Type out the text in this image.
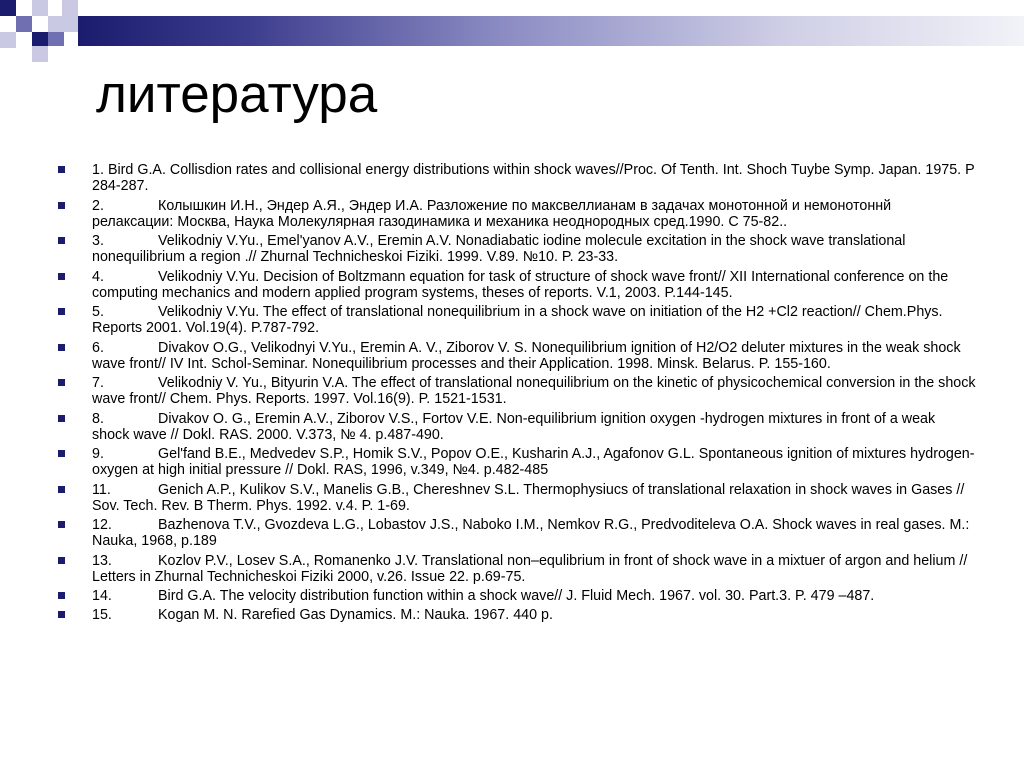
литература
1. Bird G.A. Collisdion rates and collisional energy distributions within shock waves//Proc. Of Tenth. Int. Shoch Tuybe Symp. Japan. 1975. P 284-287.
2.	Колышкин И.Н., Эндер А.Я., Эндер И.А. Разложение по максвеллианам в задачах монотонной и немонотоннй релаксации: Москва, Наука Молекулярная газодинамика и механика неоднородных сред.1990. С 75-82..
3.	Velikodniy V.Yu., Emel'yanov A.V., Eremin A.V. Nonadiabatic iodine molecule excitation in the shock wave translational nonequilibrium a region .// Zhurnal Technicheskoi Fiziki. 1999. V.89. №10. P. 23-33.
4.	Velikodniy V.Yu. Decision of Boltzmann equation for task of structure of shock wave front// XII International conference on the computing mechanics and modern applied program systems, theses of reports. V.1, 2003. P.144-145.
5.	Velikodniy V.Yu. The effect of translational nonequilibrium in a shock wave on initiation of the H2 +Cl2 reaction// Chem.Phys. Reports 2001. Vol.19(4). P.787-792.
6.	Divakov O.G., Velikodnyi V.Yu., Eremin A. V., Ziborov V. S. Nonequilibrium ignition of H2/O2 deluter mixtures in the weak shock wave front// IV Int. Schol-Seminar. Nonequilibrium processes and their Application. 1998. Minsk. Belarus. P. 155-160.
7.	Velikodniy V. Yu., Bityurin V.A. The effect of translational nonequilibrium on the kinetic of physicochemical conversion in the shock wave front// Chem. Phys. Reports. 1997. Vol.16(9). P. 1521-1531.
8.	Divakov O. G., Eremin A.V., Ziborov V.S., Fortov V.E. Non-equilibrium ignition oxygen -hydrogen mixtures in front of a weak shock wave // Dokl. RAS. 2000. V.373, № 4. p.487-490.
9.	Gel'fand B.E., Medvedev S.P., Homik S.V., Popov O.E., Kusharin A.J., Agafonov G.L. Spontaneous ignition of mixtures hydrogen-oxygen at high initial pressure // Dokl. RAS, 1996, v.349, №4. p.482-485
11.	Genich A.P., Kulikov S.V., Manelis G.B., Chereshnev S.L. Thermophysiucs of translational relaxation in shock waves in Gases // Sov. Tech. Rev. B Therm. Phys. 1992. v.4. P. 1-69.
12.	Bazhenova T.V., Gvozdeva L.G., Lobastov J.S., Naboko I.M., Nemkov R.G., Predvoditeleva O.A. Shock waves in real gases. M.: Nauka, 1968, p.189
13.	Kozlov P.V., Losev S.A., Romanenko J.V. Translational non–equlibrium in front of shock wave in a mixtuer of argon and helium // Letters in Zhurnal Technicheskoi Fiziki 2000, v.26. Issue 22. p.69-75.
14.	Bird G.A. The velocity distribution function within a shock wave// J. Fluid Mech. 1967. vol. 30. Part.3. P. 479 –487.
15.	Kogan M. N. Rarefied Gas Dynamics. M.: Nauka. 1967. 440 p.
